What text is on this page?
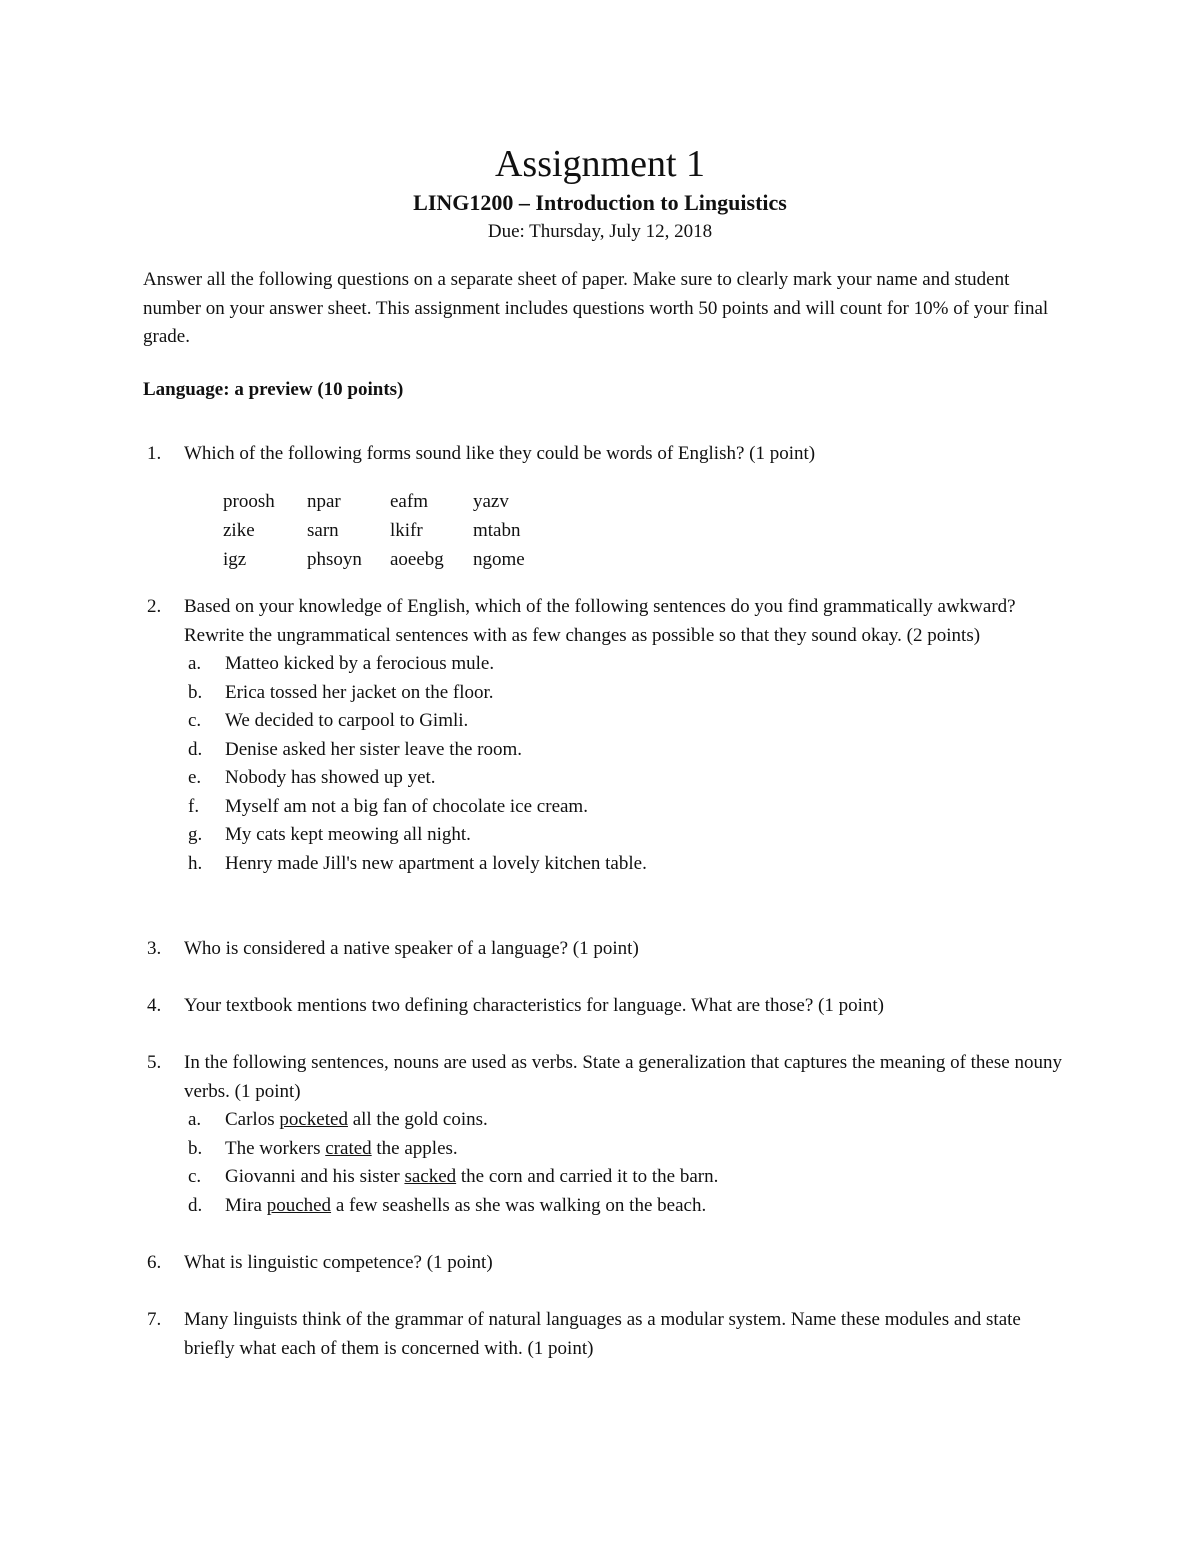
Assignment 1
LING1200 – Introduction to Linguistics
Due: Thursday, July 12, 2018
Answer all the following questions on a separate sheet of paper. Make sure to clearly mark your name and student number on your answer sheet. This assignment includes questions worth 50 points and will count for 10% of your final grade.
Language: a preview (10 points)
1. Which of the following forms sound like they could be words of English? (1 point)
proosh	npar	eafm	yazv
zike	sarn	lkifr	mtabn
igz	phsoyn	aoeebg	ngome
2. Based on your knowledge of English, which of the following sentences do you find grammatically awkward? Rewrite the ungrammatical sentences with as few changes as possible so that they sound okay. (2 points)
a. Matteo kicked by a ferocious mule.
b. Erica tossed her jacket on the floor.
c. We decided to carpool to Gimli.
d. Denise asked her sister leave the room.
e. Nobody has showed up yet.
f. Myself am not a big fan of chocolate ice cream.
g. My cats kept meowing all night.
h. Henry made Jill's new apartment a lovely kitchen table.
3. Who is considered a native speaker of a language? (1 point)
4. Your textbook mentions two defining characteristics for language. What are those? (1 point)
5. In the following sentences, nouns are used as verbs. State a generalization that captures the meaning of these nouny verbs. (1 point)
a. Carlos pocketed all the gold coins.
b. The workers crated the apples.
c. Giovanni and his sister sacked the corn and carried it to the barn.
d. Mira pouched a few seashells as she was walking on the beach.
6. What is linguistic competence? (1 point)
7. Many linguists think of the grammar of natural languages as a modular system. Name these modules and state briefly what each of them is concerned with. (1 point)
